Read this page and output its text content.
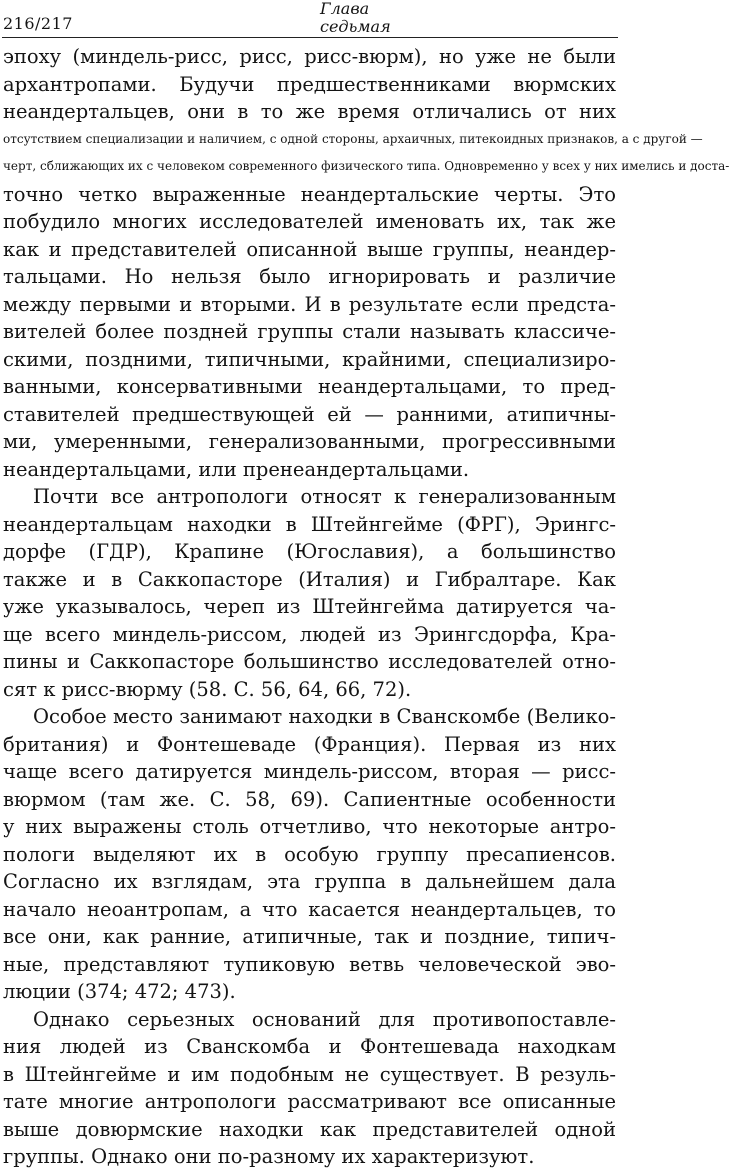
216/217
Глава
седьмая
эпоху (миндель-рисс, рисс, рисс-вюрм), но уже не были
архантропами. Будучи предшественниками вюрмских
неандертальцев, они в то же время отличались от них
отсутствием специализации и наличием, с одной стороны, архаичных, питекоидных признаков, а с другой —
черт, сближающих их с человеком современного физического типа. Одновременно у всех у них имелись и доста-
точно четко выраженные неандертальские черты. Это
побудило многих исследователей именовать их, так же
как и представителей описанной выше группы, неандер-
тальцами. Но нельзя было игнорировать и различие
между первыми и вторыми. И в результате если предста-
вителей более поздней группы стали называть классиче-
скими, поздними, типичными, крайними, специализиро-
ванными, консервативными неандертальцами, то пред-
ставителей предшествующей ей — ранними, атипичны-
ми, умеренными, генерализованными, прогрессивными
неандертальцами, или пренеандертальцами.
Почти все антропологи относят к генерализованным
неандертальцам находки в Штейнгейме (ФРГ), Эрингс-
дорфе (ГДР), Крапине (Югославия), а большинство
также и в Саккопасторе (Италия) и Гибралтаре. Как
уже указывалось, череп из Штейнгейма датируется ча-
ще всего миндель-риссом, людей из Эрингсдорфа, Кра-
пины и Саккопасторе большинство исследователей отно-
сят к рисс-вюрму (58. С. 56, 64, 66, 72).
Особое место занимают находки в Сванскомбе (Велико-
британия) и Фонтешеваде (Франция). Первая из них
чаще всего датируется миндель-риссом, вторая — рисс-
вюрмом (там же. С. 58, 69). Сапиентные особенности
у них выражены столь отчетливо, что некоторые антро-
пологи выделяют их в особую группу пресапиенсов.
Согласно их взглядам, эта группа в дальнейшем дала
начало неоантропам, а что касается неандертальцев, то
все они, как ранние, атипичные, так и поздние, типич-
ные, представляют тупиковую ветвь человеческой эво-
люции (374; 472; 473).
Однако серьезных оснований для противопоставле-
ния людей из Сванскомба и Фонтешевада находкам
в Штейнгейме и им подобным не существует. В резуль-
тате многие антропологи рассматривают все описанные
выше довюрмские находки как представителей одной
группы. Однако они по-разному их характеризуют.
